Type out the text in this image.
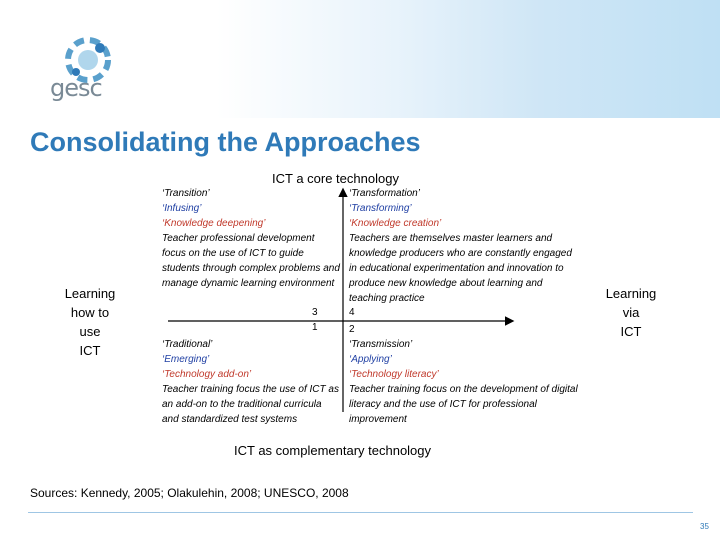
gesc
Consolidating the Approaches
ICT a core technology
ICT as complementary technology
Learning
how to
use
ICT
Learning
via
ICT
‘Transition’
‘Infusing’
‘Knowledge deepening’
Teacher professional development focus on the use of ICT to guide students through complex problems and manage dynamic learning environment
‘Transformation’
‘Transforming’
‘Knowledge creation’
Teachers are themselves master learners and knowledge producers who are constantly engaged in educational experimentation and innovation to produce new knowledge about learning and teaching practice
3
1
4
‘Traditional’
‘Emerging’
‘Technology add-on’
Teacher training focus the use of ICT as an add-on to the traditional curricula and standardized test systems
2
‘Transmission’
‘Applying’
‘Technology literacy’
Teacher training focus on the development of digital literacy and the use of ICT for professional improvement
Sources: Kennedy, 2005; Olakulehin, 2008; UNESCO, 2008
35
